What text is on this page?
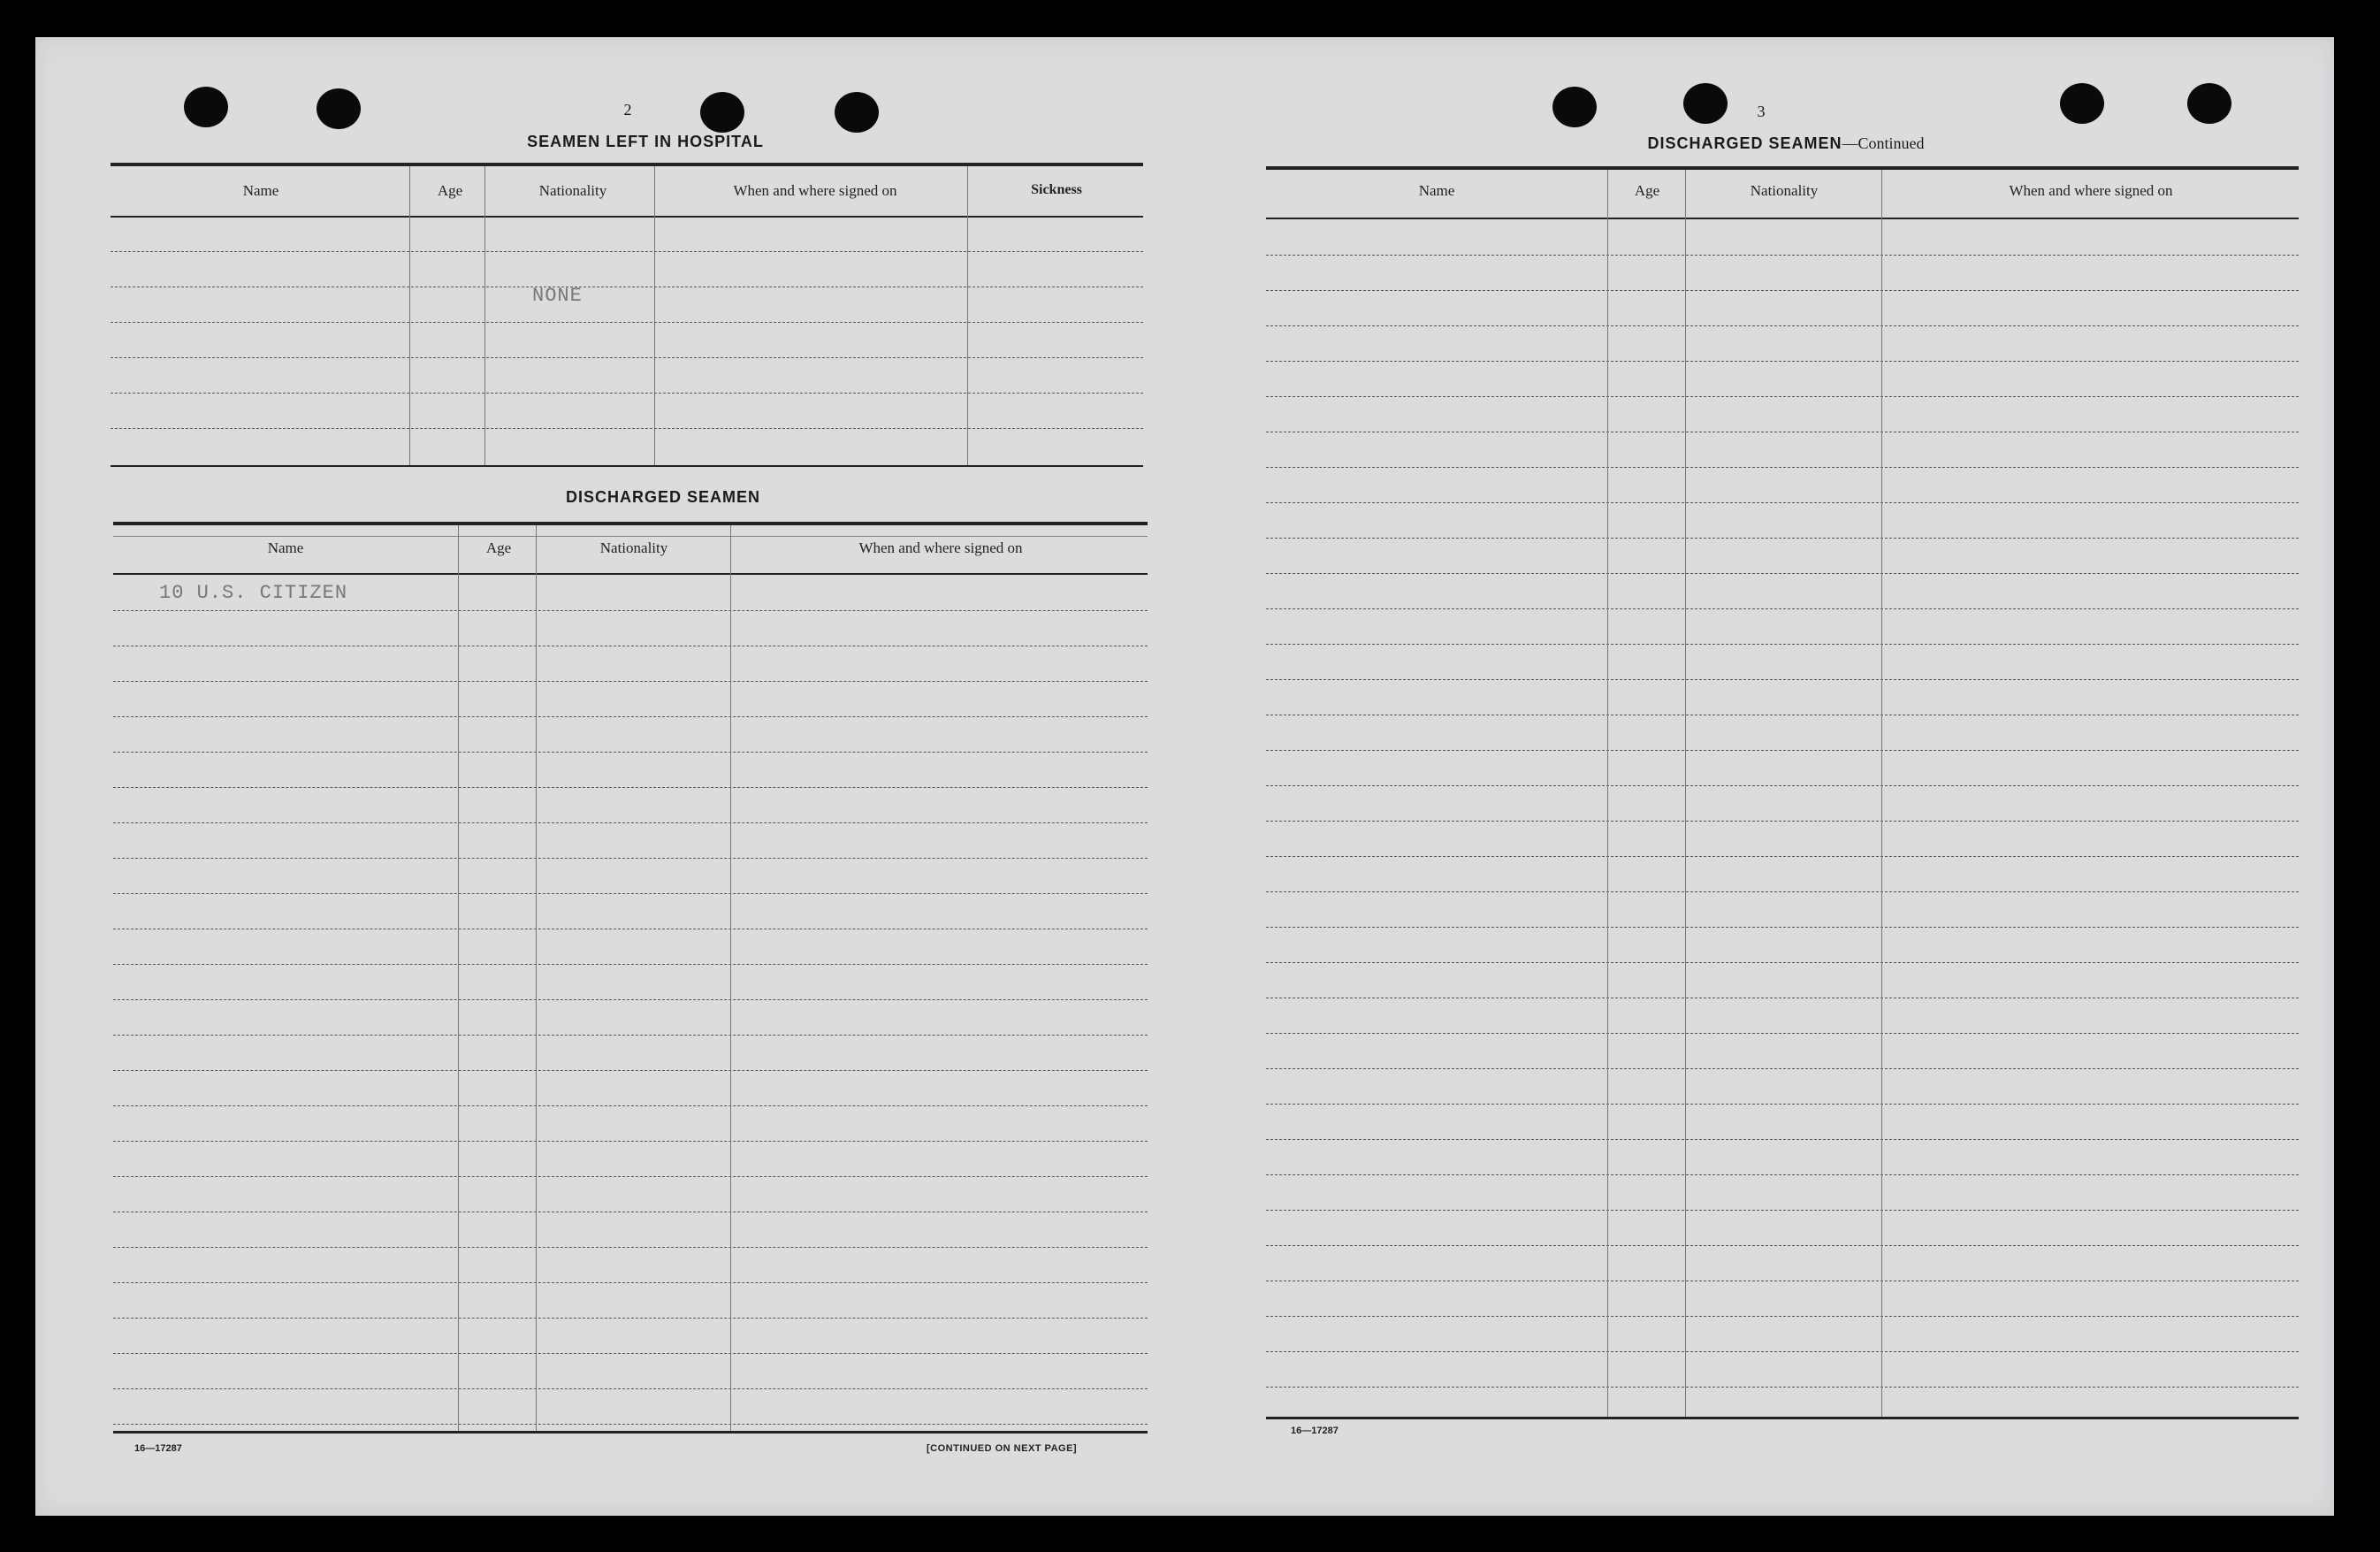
2
SEAMEN LEFT IN HOSPITAL
Name	Age	Nationality	When and where signed on	Sickness
NONE
DISCHARGED SEAMEN
Name	Age	Nationality	When and where signed on
10 U.S. CITIZEN
16—17287	[CONTINUED ON NEXT PAGE]
3
DISCHARGED SEAMEN—Continued
Name	Age	Nationality	When and where signed on
16—17287
